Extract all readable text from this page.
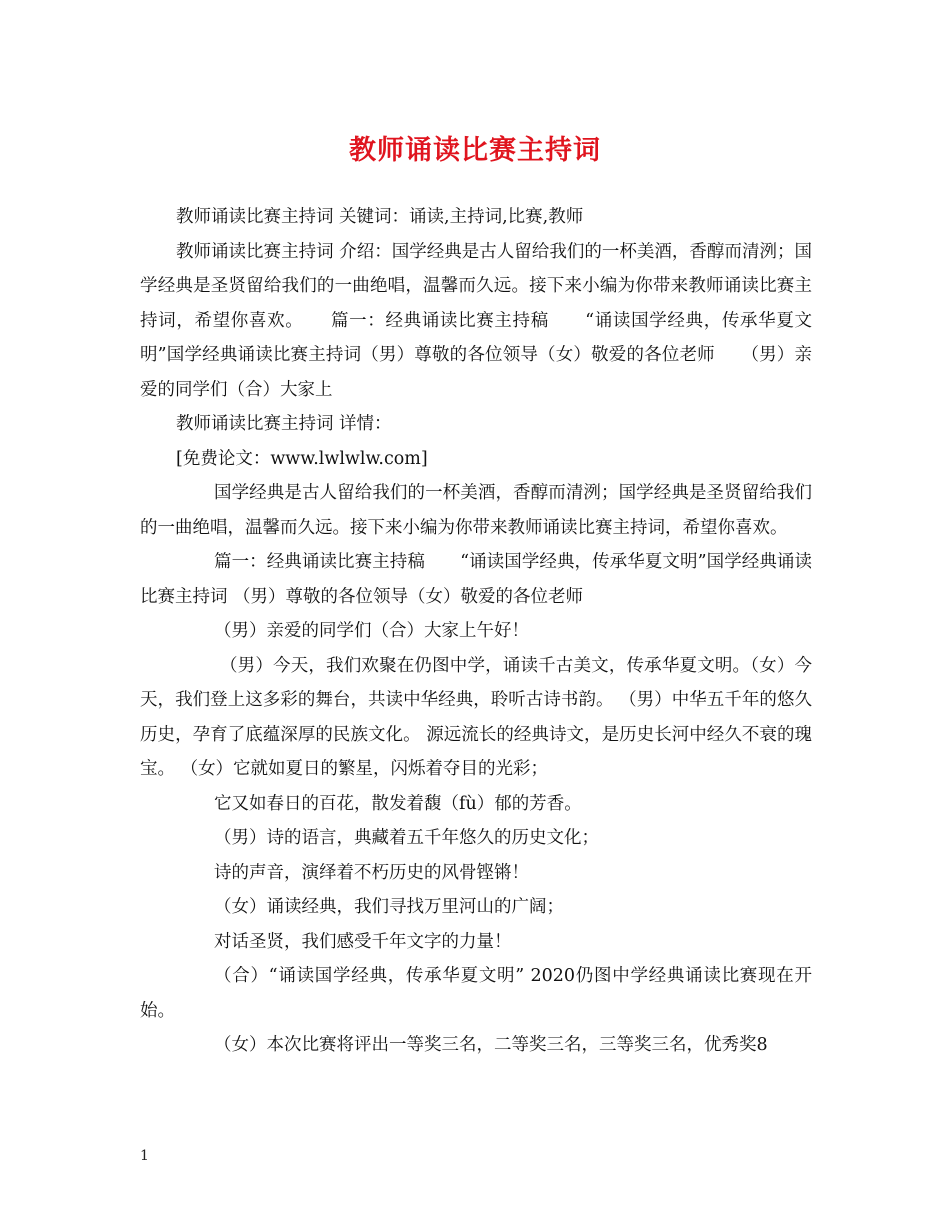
教师诵读比赛主持词

教师诵读比赛主持词 关键词：诵读,主持词,比赛,教师

教师诵读比赛主持词 介绍：国学经典是古人留给我们的一杯美酒，香醇而清洌；国学经典是圣贤留给我们的一曲绝唱，温馨而久远。接下来小编为你带来教师诵读比赛主持词，希望你喜欢。　　篇一：经典诵读比赛主持稿　　“诵读国学经典，传承华夏文明”国学经典诵读比赛主持词（男）尊敬的各位领导（女）敬爱的各位老师　　（男）亲爱的同学们（合）大家上

教师诵读比赛主持词 详情：

[免费论文：www.lwlwlw.com]

国学经典是古人留给我们的一杯美酒，香醇而清洌；国学经典是圣贤留给我们的一曲绝唱，温馨而久远。接下来小编为你带来教师诵读比赛主持词，希望你喜欢。

篇一：经典诵读比赛主持稿　　“诵读国学经典，传承华夏文明”国学经典诵读比赛主持词 （男）尊敬的各位领导（女）敬爱的各位老师

（男）亲爱的同学们（合）大家上午好！

（男）今天，我们欢聚在仍图中学，诵读千古美文，传承华夏文明。（女）今天，我们登上这多彩的舞台，共读中华经典，聆听古诗书韵。 （男）中华五千年的悠久历史，孕育了底蕴深厚的民族文化。 源远流长的经典诗文，是历史长河中经久不衰的瑰宝。 （女）它就如夏日的繁星，闪烁着夺目的光彩；

它又如春日的百花，散发着馥（fù）郁的芳香。

（男）诗的语言，典藏着五千年悠久的历史文化；

诗的声音，演绎着不朽历史的风骨铿锵！

（女）诵读经典，我们寻找万里河山的广阔；

对话圣贤，我们感受千年文字的力量！

（合）“诵读国学经典，传承华夏文明” 2020仍图中学经典诵读比赛现在开始。

（女）本次比赛将评出一等奖三名，二等奖三名，三等奖三名，优秀奖8

1
